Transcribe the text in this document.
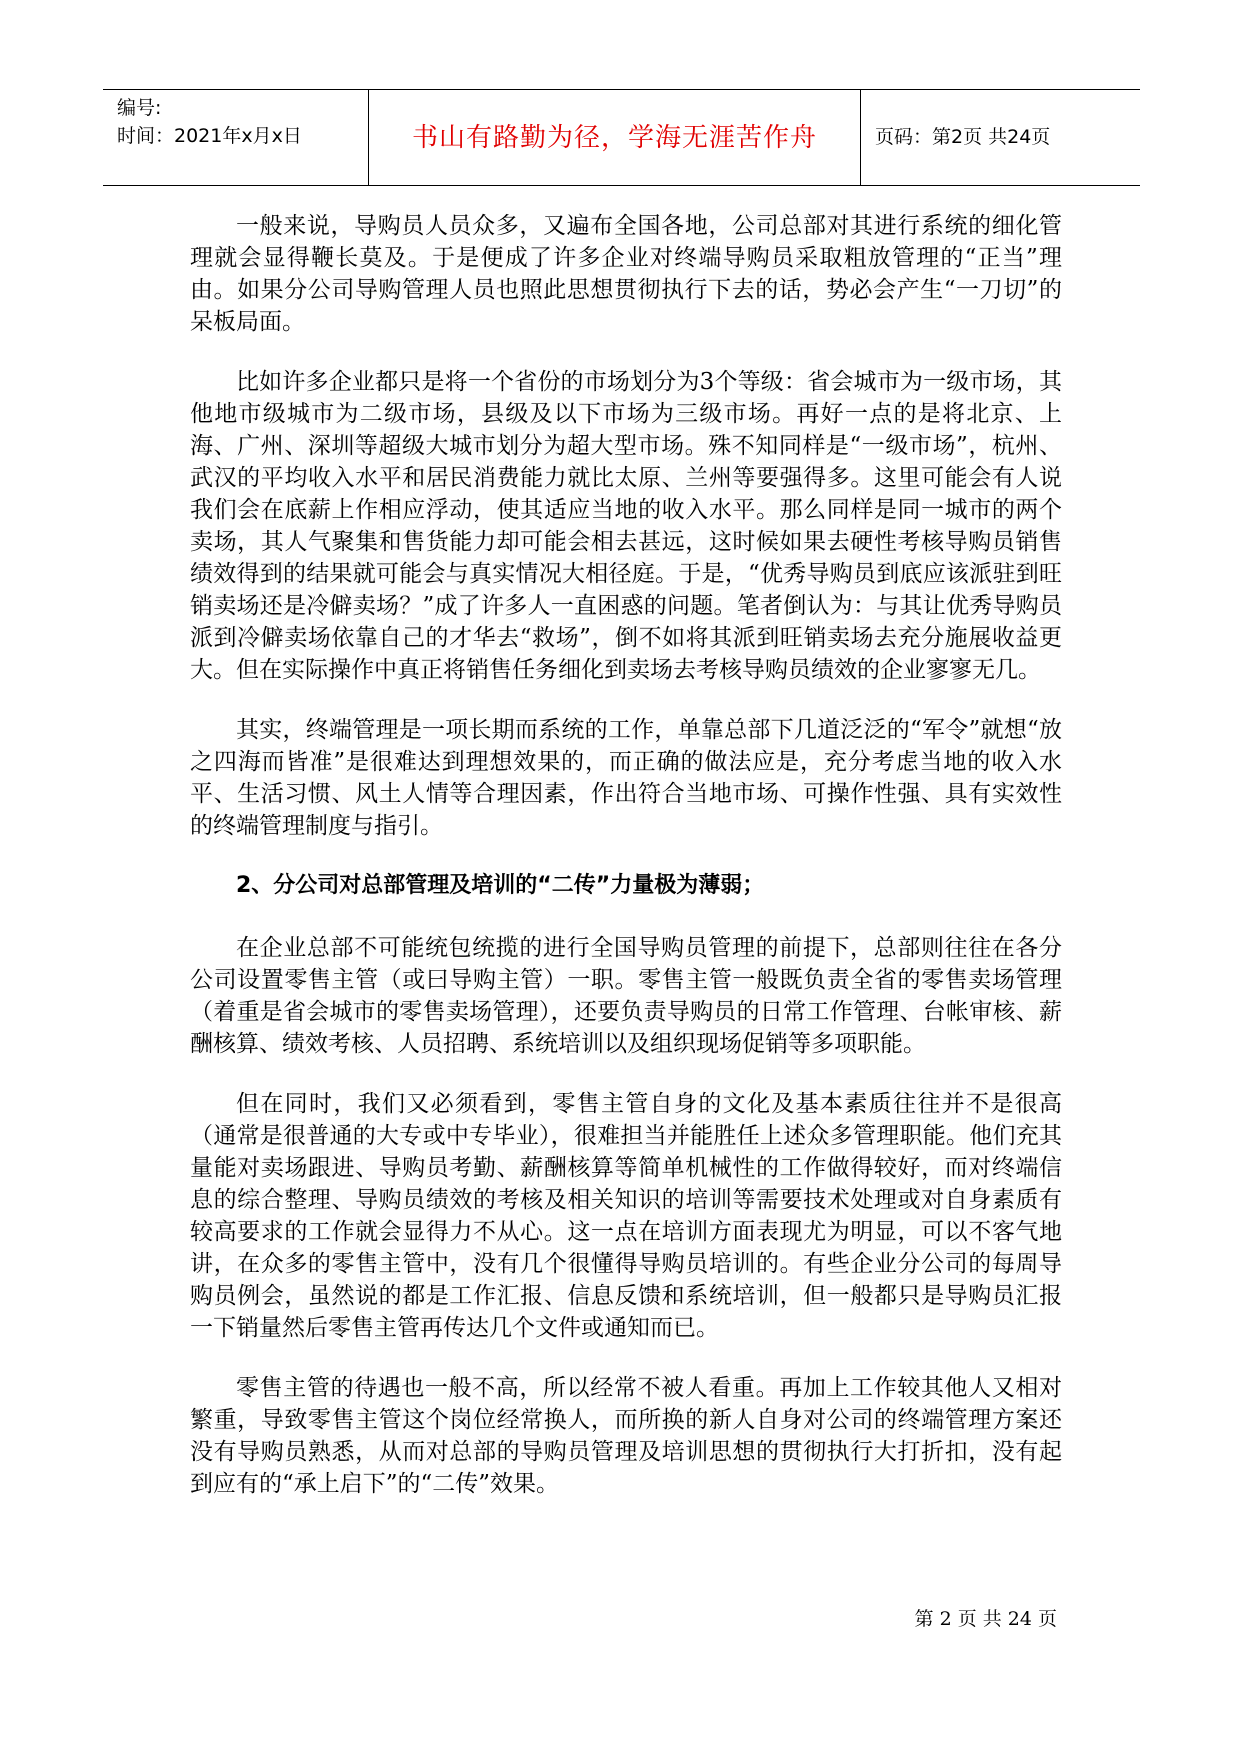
编号:
时间：2021年x月x日	书山有路勤为径，学海无涯苦作舟	页码：第2页 共24页

一般来说，导购员人员众多，又遍布全国各地，公司总部对其进行系统的细化管理就会显得鞭长莫及。于是便成了许多企业对终端导购员采取粗放管理的“正当”理由。如果分公司导购管理人员也照此思想贯彻执行下去的话，势必会产生“一刀切”的呆板局面。

比如许多企业都只是将一个省份的市场划分为3个等级：省会城市为一级市场，其他地市级城市为二级市场，县级及以下市场为三级市场。再好一点的是将北京、上海、广州、深圳等超级大城市划分为超大型市场。殊不知同样是“一级市场”，杭州、武汉的平均收入水平和居民消费能力就比太原、兰州等要强得多。这里可能会有人说我们会在底薪上作相应浮动，使其适应当地的收入水平。那么同样是同一城市的两个卖场，其人气聚集和售货能力却可能会相去甚远，这时候如果去硬性考核导购员销售绩效得到的结果就可能会与真实情况大相径庭。于是，“优秀导购员到底应该派驻到旺销卖场还是冷僻卖场？”成了许多人一直困惑的问题。笔者倒认为：与其让优秀导购员派到冷僻卖场依靠自己的才华去“救场”，倒不如将其派到旺销卖场去充分施展收益更大。但在实际操作中真正将销售任务细化到卖场去考核导购员绩效的企业寥寥无几。

其实，终端管理是一项长期而系统的工作，单靠总部下几道泛泛的“军令”就想“放之四海而皆准”是很难达到理想效果的，而正确的做法应是，充分考虑当地的收入水平、生活习惯、风土人情等合理因素，作出符合当地市场、可操作性强、具有实效性的终端管理制度与指引。

2、分公司对总部管理及培训的“二传”力量极为薄弱；

在企业总部不可能统包统揽的进行全国导购员管理的前提下，总部则往往在各分公司设置零售主管（或曰导购主管）一职。零售主管一般既负责全省的零售卖场管理（着重是省会城市的零售卖场管理），还要负责导购员的日常工作管理、台帐审核、薪酬核算、绩效考核、人员招聘、系统培训以及组织现场促销等多项职能。

但在同时，我们又必须看到，零售主管自身的文化及基本素质往往并不是很高（通常是很普通的大专或中专毕业），很难担当并能胜任上述众多管理职能。他们充其量能对卖场跟进、导购员考勤、薪酬核算等简单机械性的工作做得较好，而对终端信息的综合整理、导购员绩效的考核及相关知识的培训等需要技术处理或对自身素质有较高要求的工作就会显得力不从心。这一点在培训方面表现尤为明显，可以不客气地讲，在众多的零售主管中，没有几个很懂得导购员培训的。有些企业分公司的每周导购员例会，虽然说的都是工作汇报、信息反馈和系统培训，但一般都只是导购员汇报一下销量然后零售主管再传达几个文件或通知而已。

零售主管的待遇也一般不高，所以经常不被人看重。再加上工作较其他人又相对繁重，导致零售主管这个岗位经常换人，而所换的新人自身对公司的终端管理方案还没有导购员熟悉，从而对总部的导购员管理及培训思想的贯彻执行大打折扣，没有起到应有的“承上启下”的“二传”效果。

第 2 页 共 24 页
